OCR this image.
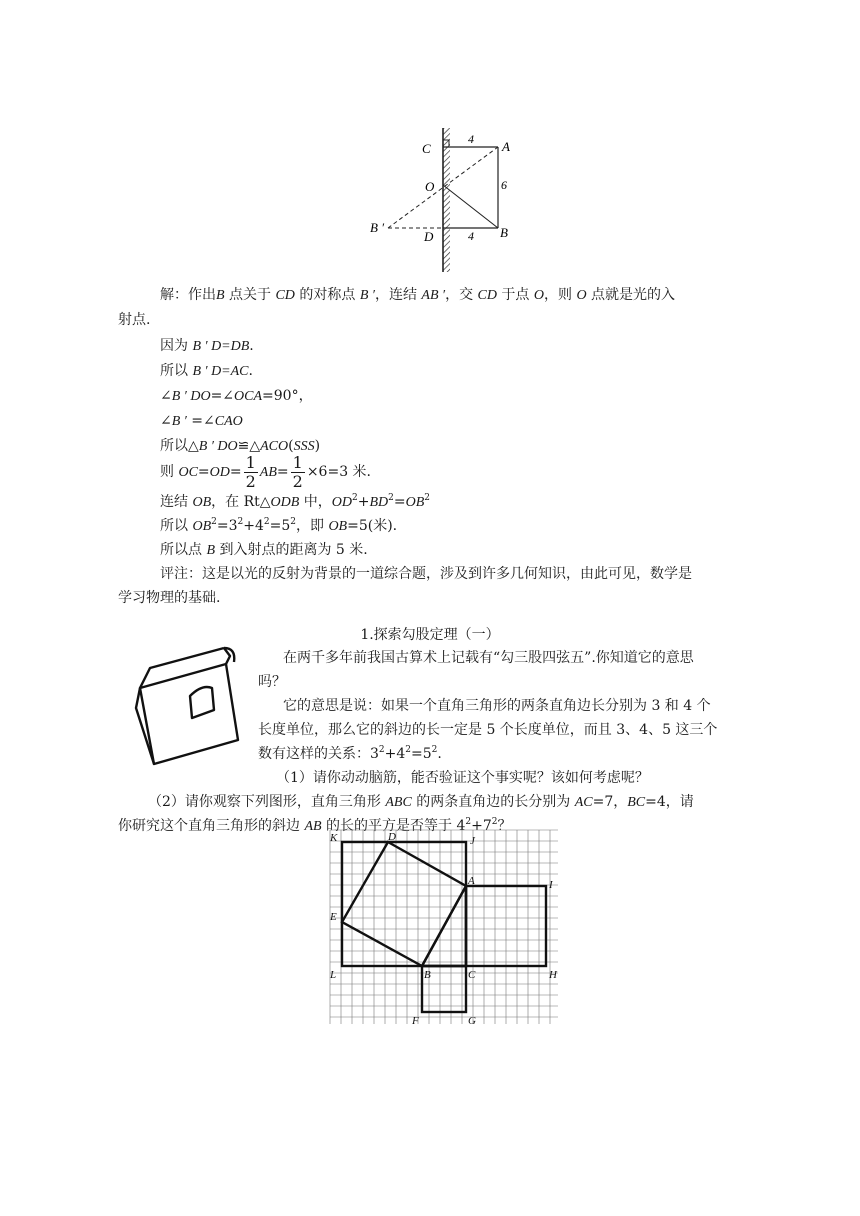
C	A
O
D	B
B ′
4
6
4
解：作出B 点关于 CD 的对称点 B ′，连结 AB ′，交 CD 于点 O，则 O 点就是光的入
射点.
因为 B ′ D=DB.
所以 B ′ D=AC.
∠B ′ DO=∠OCA=90°，
∠B ′ =∠CAO
所以△B ′ DO≌△ACO(SSS)
则 $OC=OD= \frac{1}{2} AB= \frac{1}{2} \times 6=3$ 米.
连结 OB，在 Rt△ODB 中，$OD^2+BD^2=OB^2$
所以 $OB^2=3^2+4^2=5^2$，即 OB=5(米).
所以点 B 到入射点的距离为 5 米.
评注：这是以光的反射为背景的一道综合题，涉及到许多几何知识，由此可见，数学是
学习物理的基础.
1.探索勾股定理（一）
在两千多年前我国古算术上记载有“勾三股四弦五”.你知道它的意思
吗？
它的意思是说：如果一个直角三角形的两条直角边长分别为 3 和 4 个
长度单位，那么它的斜边的长一定是 5 个长度单位，而且 3、4、5 这三个
数有这样的关系：$3^2+4^2=5^2$.
（1）请你动动脑筋，能否验证这个事实呢？该如何考虑呢？
（2）请你观察下列图形，直角三角形 ABC 的两条直角边的长分别为 AC=7，BC=4，请
你研究这个直角三角形的斜边 AB 的长的平方是否等于 $4^2+7^2$？
K	D	J
A	I
E
L	B	C	H
F	G
